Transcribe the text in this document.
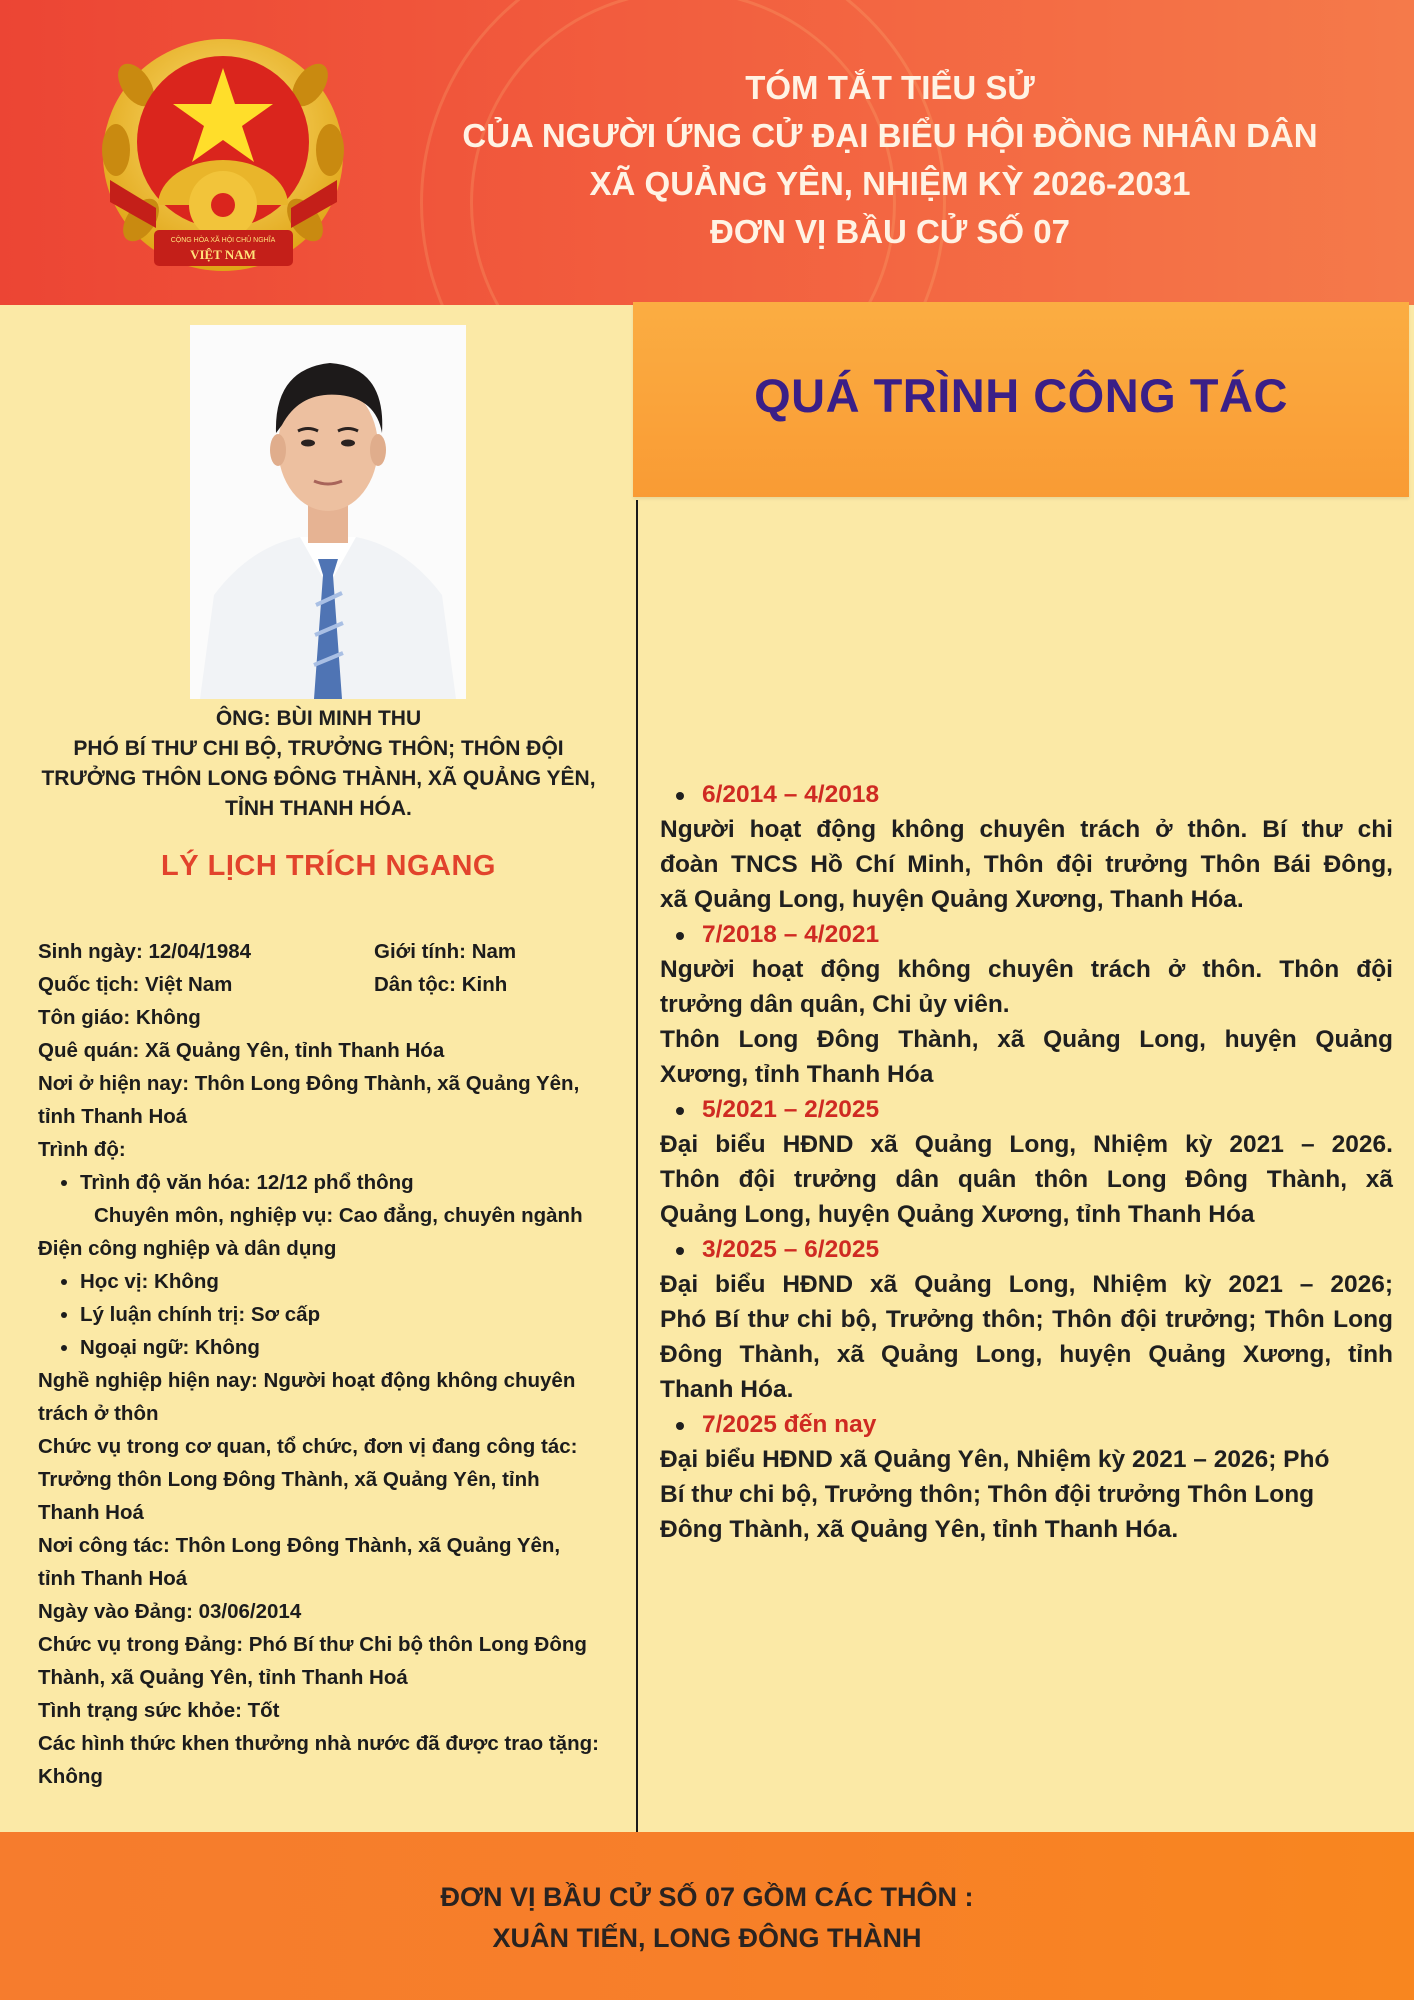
CỘNG HÒA XÃ HỘI CHỦ NGHĨA
VIỆT NAM
TÓM TẮT TIỂU SỬ
CỦA NGƯỜI ỨNG CỬ ĐẠI BIỂU HỘI ĐỒNG NHÂN DÂN
XÃ QUẢNG YÊN, NHIỆM KỲ 2026-2031
ĐƠN VỊ BẦU CỬ SỐ 07
ÔNG: BÙI MINH THU
PHÓ BÍ THƯ CHI BỘ, TRƯỞNG THÔN; THÔN ĐỘI
TRƯỞNG THÔN LONG ĐÔNG THÀNH, XÃ QUẢNG YÊN,
TỈNH THANH HÓA.
LÝ LỊCH TRÍCH NGANG
Sinh ngày: 12/04/1984	Giới tính: Nam
Quốc tịch: Việt Nam	Dân tộc: Kinh
Tôn giáo: Không
Quê quán: Xã Quảng Yên, tỉnh Thanh Hóa
Nơi ở hiện nay: Thôn Long Đông Thành, xã Quảng Yên,
tỉnh Thanh Hoá
Trình độ:
• Trình độ văn hóa: 12/12 phổ thông
Chuyên môn, nghiệp vụ: Cao đẳng, chuyên ngành
Điện công nghiệp và dân dụng
• Học vị: Không
• Lý luận chính trị: Sơ cấp
• Ngoại ngữ: Không
Nghề nghiệp hiện nay: Người hoạt động không chuyên
trách ở thôn
Chức vụ trong cơ quan, tổ chức, đơn vị đang công tác:
Trưởng thôn Long Đông Thành, xã Quảng Yên, tỉnh
Thanh Hoá
Nơi công tác: Thôn Long Đông Thành, xã Quảng Yên,
tỉnh Thanh Hoá
Ngày vào Đảng: 03/06/2014
Chức vụ trong Đảng: Phó Bí thư Chi bộ thôn Long Đông
Thành, xã Quảng Yên, tỉnh Thanh Hoá
Tình trạng sức khỏe: Tốt
Các hình thức khen thưởng nhà nước đã được trao tặng:
Không
QUÁ TRÌNH CÔNG TÁC
6/2014 – 4/2018
Người hoạt động không chuyên trách ở thôn. Bí thư chi
đoàn TNCS Hồ Chí Minh, Thôn đội trưởng Thôn Bái Đông,
xã Quảng Long, huyện Quảng Xương, Thanh Hóa.
7/2018 – 4/2021
Người hoạt động không chuyên trách ở thôn. Thôn đội
trưởng dân quân, Chi ủy viên.
Thôn Long Đông Thành, xã Quảng Long, huyện Quảng
Xương, tỉnh Thanh Hóa
5/2021 – 2/2025
Đại biểu HĐND xã Quảng Long, Nhiệm kỳ 2021 – 2026.
Thôn đội trưởng dân quân thôn Long Đông Thành, xã
Quảng Long, huyện Quảng Xương, tỉnh Thanh Hóa
3/2025 – 6/2025
Đại biểu HĐND xã Quảng Long, Nhiệm kỳ 2021 – 2026;
Phó Bí thư chi bộ, Trưởng thôn; Thôn đội trưởng; Thôn Long
Đông Thành, xã Quảng Long, huyện Quảng Xương, tỉnh
Thanh Hóa.
7/2025 đến nay
Đại biểu HĐND xã Quảng Yên, Nhiệm kỳ 2021 – 2026; Phó
Bí thư chi bộ, Trưởng thôn; Thôn đội trưởng Thôn Long
Đông Thành, xã Quảng Yên, tỉnh Thanh Hóa.
ĐƠN VỊ BẦU CỬ SỐ 07 GỒM CÁC THÔN :
XUÂN TIẾN, LONG ĐÔNG THÀNH
